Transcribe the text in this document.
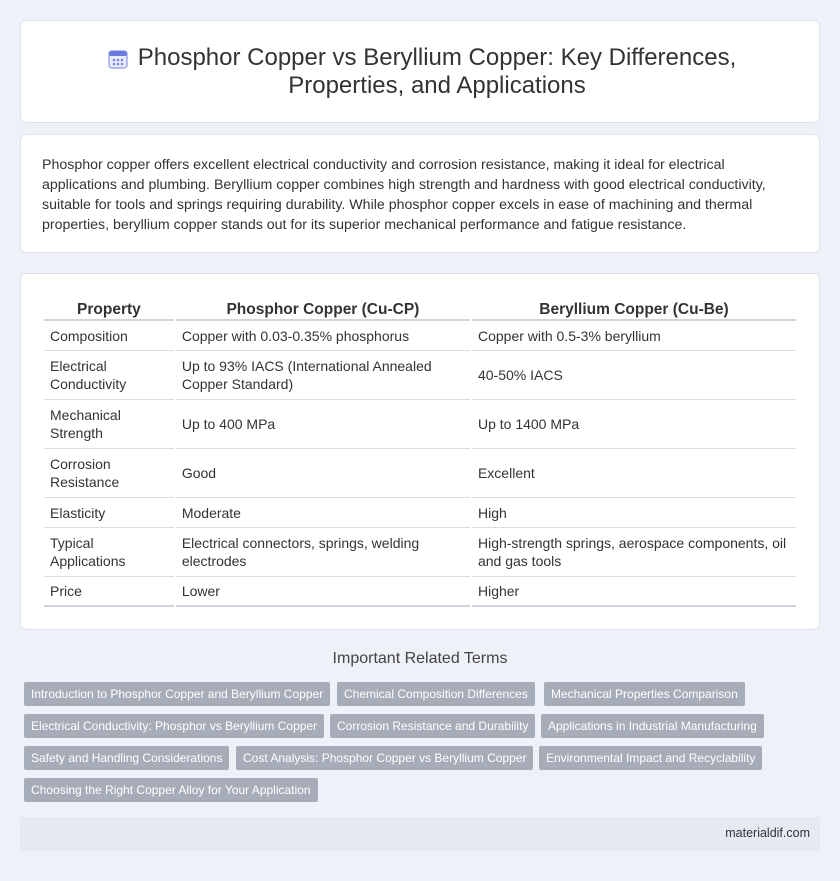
Phosphor Copper vs Beryllium Copper: Key Differences, Properties, and Applications

Phosphor copper offers excellent electrical conductivity and corrosion resistance, making it ideal for electrical applications and plumbing. Beryllium copper combines high strength and hardness with good electrical conductivity, suitable for tools and springs requiring durability. While phosphor copper excels in ease of machining and thermal properties, beryllium copper stands out for its superior mechanical performance and fatigue resistance.

Property	Phosphor Copper (Cu-CP)	Beryllium Copper (Cu-Be)
Composition	Copper with 0.03-0.35% phosphorus	Copper with 0.5-3% beryllium
Electrical Conductivity	Up to 93% IACS (International Annealed Copper Standard)	40-50% IACS
Mechanical Strength	Up to 400 MPa	Up to 1400 MPa
Corrosion Resistance	Good	Excellent
Elasticity	Moderate	High
Typical Applications	Electrical connectors, springs, welding electrodes	High-strength springs, aerospace components, oil and gas tools
Price	Lower	Higher
Important Related Terms
Introduction to Phosphor Copper and Beryllium Copper	Chemical Composition Differences	Mechanical Properties Comparison
Electrical Conductivity: Phosphor vs Beryllium Copper	Corrosion Resistance and Durability	Applications in Industrial Manufacturing
Safety and Handling Considerations	Cost Analysis: Phosphor Copper vs Beryllium Copper	Environmental Impact and Recyclability
Choosing the Right Copper Alloy for Your Application
materialdif.com
